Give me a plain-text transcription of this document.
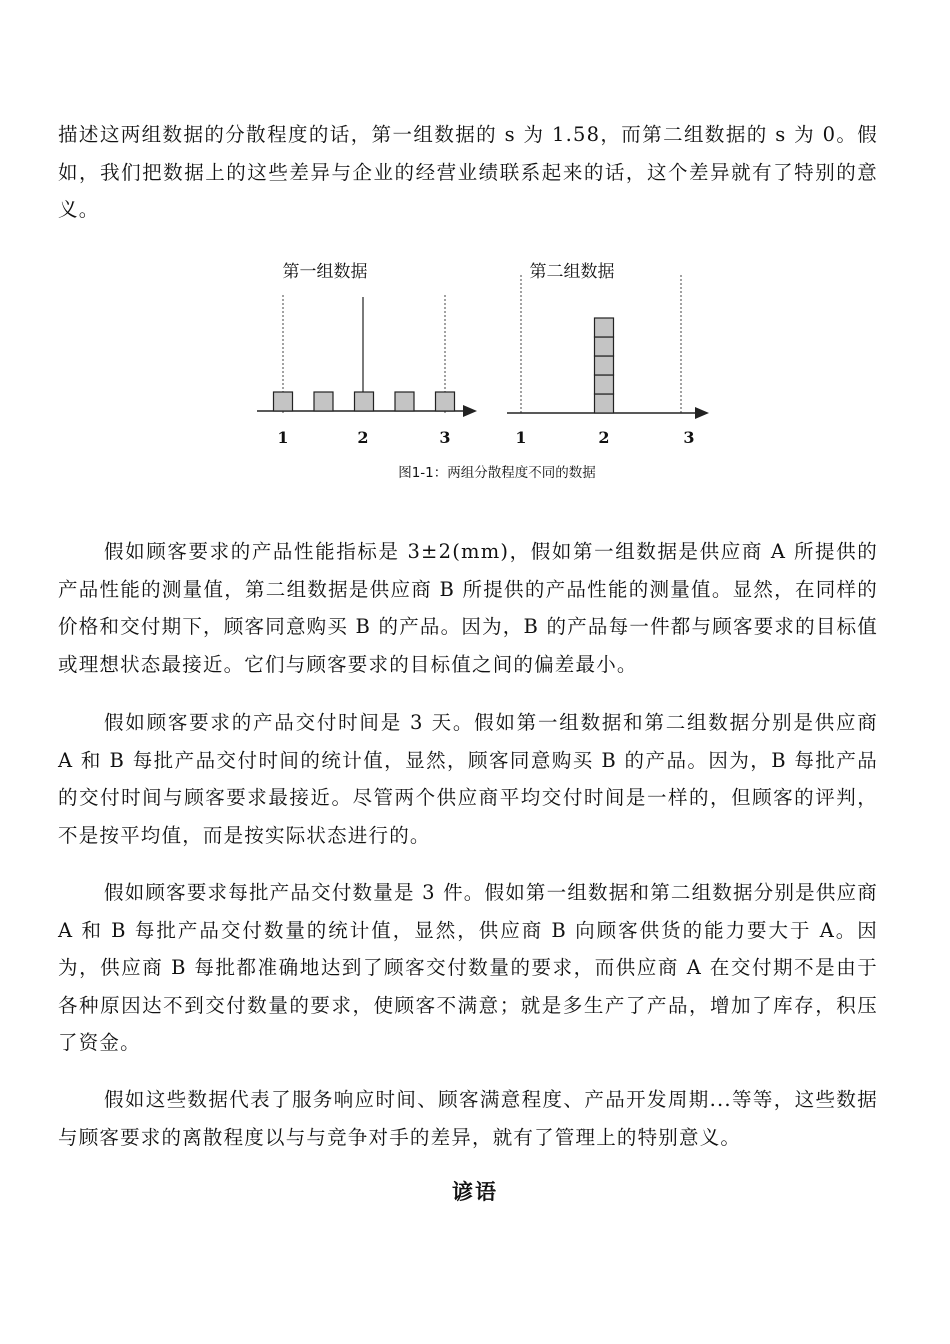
描述这两组数据的分散程度的话，第一组数据的 s 为 1.58，而第二组数据的 s 为 0。假如，我们把数据上的这些差异与企业的经营业绩联系起来的话，这个差异就有了特别的意义。

第一组数据
1	2	3
第二组数据
1	2	3
图1-1：两组分散程度不同的数据

假如顾客要求的产品性能指标是 3±2(mm)，假如第一组数据是供应商 A 所提供的产品性能的测量值，第二组数据是供应商 B 所提供的产品性能的测量值。显然，在同样的价格和交付期下，顾客同意购买 B 的产品。因为，B 的产品每一件都与顾客要求的目标值或理想状态最接近。它们与顾客要求的目标值之间的偏差最小。

假如顾客要求的产品交付时间是 3 天。假如第一组数据和第二组数据分别是供应商 A 和 B 每批产品交付时间的统计值，显然，顾客同意购买 B 的产品。因为，B 每批产品的交付时间与顾客要求最接近。尽管两个供应商平均交付时间是一样的，但顾客的评判，不是按平均值，而是按实际状态进行的。

假如顾客要求每批产品交付数量是 3 件。假如第一组数据和第二组数据分别是供应商 A 和 B 每批产品交付数量的统计值，显然，供应商 B 向顾客供货的能力要大于 A。因为，供应商 B 每批都准确地达到了顾客交付数量的要求，而供应商 A 在交付期不是由于各种原因达不到交付数量的要求，使顾客不满意；就是多生产了产品，增加了库存，积压了资金。

假如这些数据代表了服务响应时间、顾客满意程度、产品开发周期...等等，这些数据与顾客要求的离散程度以与与竞争对手的差异，就有了管理上的特别意义。

谚语
